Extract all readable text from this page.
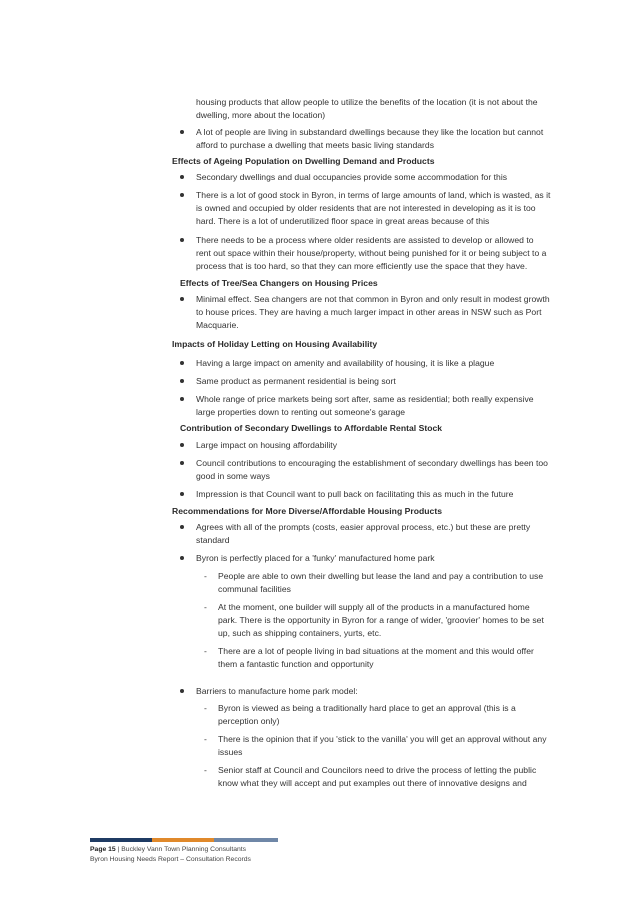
housing products that allow people to utilize the benefits of the location (it is not about the
dwelling, more about the location)
A lot of people are living in substandard dwellings because they like the location but cannot
afford to purchase a dwelling that meets basic living standards
Effects of Ageing Population on Dwelling Demand and Products
Secondary dwellings and dual occupancies provide some accommodation for this
There is a lot of good stock in Byron, in terms of large amounts of land, which is wasted, as it
is owned and occupied by older residents that are not interested in developing as it is too
hard. There is a lot of underutilized floor space in great areas because of this
There needs to be a process where older residents are assisted to develop or allowed to
rent out space within their house/property, without being punished for it or being subject to a
process that is too hard, so that they can more efficiently use the space that they have.
Effects of Tree/Sea Changers on Housing Prices
Minimal effect. Sea changers are not that common in Byron and only result in modest growth
to house prices. They are having a much larger impact in other areas in NSW such as Port
Macquarie.
Impacts of Holiday Letting on Housing Availability
Having a large impact on amenity and availability of housing, it is like a plague
Same product as permanent residential is being sort
Whole range of price markets being sort after, same as residential; both really expensive
large properties down to renting out someone's garage
Contribution of Secondary Dwellings to Affordable Rental Stock
Large impact on housing affordability
Council contributions to encouraging the establishment of secondary dwellings has been too
good in some ways
Impression is that Council want to pull back on facilitating this as much in the future
Recommendations for More Diverse/Affordable Housing Products
Agrees with all of the prompts (costs, easier approval process, etc.) but these are pretty
standard
Byron is perfectly placed for a 'funky' manufactured home park
- People are able to own their dwelling but lease the land and pay a contribution to use
communal facilities
- At the moment, one builder will supply all of the products in a manufactured home
park. There is the opportunity in Byron for a range of wider, 'groovier' homes to be set
up, such as shipping containers, yurts, etc.
- There are a lot of people living in bad situations at the moment and this would offer
them a fantastic function and opportunity
Barriers to manufacture home park model:
- Byron is viewed as being a traditionally hard place to get an approval (this is a
perception only)
- There is the opinion that if you 'stick to the vanilla' you will get an approval without any
issues
- Senior staff at Council and Councilors need to drive the process of letting the public
know what they will accept and put examples out there of innovative designs and
Page 15 | Buckley Vann Town Planning Consultants
Byron Housing Needs Report – Consultation Records
